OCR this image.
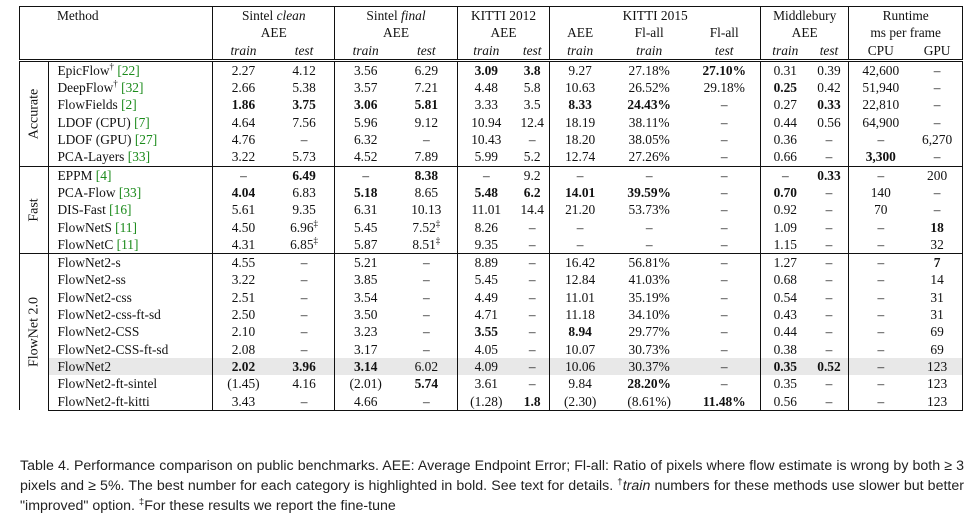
	Method	Sintel clean		Sintel final		KITTI 2012		KITTI 2015			Middlebury		Runtime	
		AEE		AEE		AEE		AEE	Fl-all	Fl-all	AEE		ms per frame	
		train	test	train	test	train	test	train	train	test	train	test	CPU	GPU

Accurate	EpicFlow† [22]	2.27	4.12	3.56	6.29	3.09	3.8	9.27	27.18%	27.10%	0.31	0.39	42,600	–
	DeepFlow† [32]	2.66	5.38	3.57	7.21	4.48	5.8	10.63	26.52%	29.18%	0.25	0.42	51,940	–
	FlowFields [2]	1.86	3.75	3.06	5.81	3.33	3.5	8.33	24.43%	–	0.27	0.33	22,810	–
	LDOF (CPU) [7]	4.64	7.56	5.96	9.12	10.94	12.4	18.19	38.11%	–	0.44	0.56	64,900	–
	LDOF (GPU) [27]	4.76	–	6.32	–	10.43	–	18.20	38.05%	–	0.36	–	–	6,270
	PCA-Layers [33]	3.22	5.73	4.52	7.89	5.99	5.2	12.74	27.26%	–	0.66	–	3,300	–

Fast	EPPM [4]	–	6.49	–	8.38	–	9.2	–	–	–	–	0.33	–	200
	PCA-Flow [33]	4.04	6.83	5.18	8.65	5.48	6.2	14.01	39.59%	–	0.70	–	140	–
	DIS-Fast [16]	5.61	9.35	6.31	10.13	11.01	14.4	21.20	53.73%	–	0.92	–	70	–
	FlowNetS [11]	4.50	6.96‡	5.45	7.52‡	8.26	–	–	–	–	1.09	–	–	18
	FlowNetC [11]	4.31	6.85‡	5.87	8.51‡	9.35	–	–	–	–	1.15	–	–	32

FlowNet 2.0	FlowNet2-s	4.55	–	5.21	–	8.89	–	16.42	56.81%	–	1.27	–	–	7
	FlowNet2-ss	3.22	–	3.85	–	5.45	–	12.84	41.03%	–	0.68	–	–	14
	FlowNet2-css	2.51	–	3.54	–	4.49	–	11.01	35.19%	–	0.54	–	–	31
	FlowNet2-css-ft-sd	2.50	–	3.50	–	4.71	–	11.18	34.10%	–	0.43	–	–	31
	FlowNet2-CSS	2.10	–	3.23	–	3.55	–	8.94	29.77%	–	0.44	–	–	69
	FlowNet2-CSS-ft-sd	2.08	–	3.17	–	4.05	–	10.07	30.73%	–	0.38	–	–	69
	FlowNet2	2.02	3.96	3.14	6.02	4.09	–	10.06	30.37%	–	0.35	0.52	–	123
	FlowNet2-ft-sintel	(1.45)	4.16	(2.01)	5.74	3.61	–	9.84	28.20%	–	0.35	–	–	123
	FlowNet2-ft-kitti	3.43	–	4.66	–	(1.28)	1.8	(2.30)	(8.61%)	11.48%	0.56	–	–	123
Table 4. Performance comparison on public benchmarks. AEE: Average Endpoint Error; Fl-all: Ratio of pixels where flow estimate is wrong by both ≥ 3 pixels and ≥ 5%. The best number for each category is highlighted in bold. See text for details. †train numbers for these methods use slower but better "improved" option. ‡For these results we report the fine-tune
